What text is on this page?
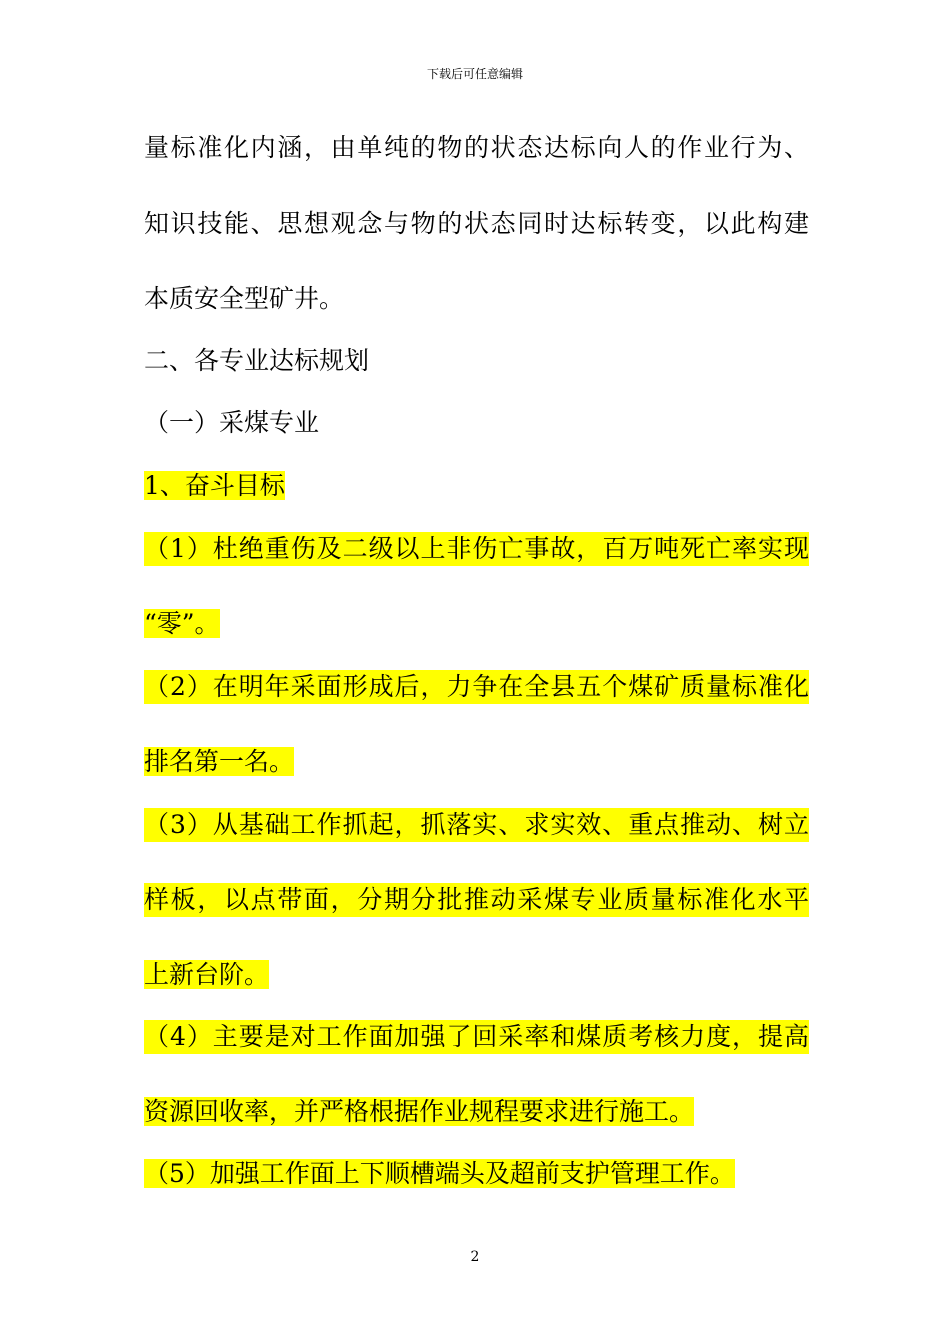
下载后可任意编辑
量标准化内涵，由单纯的物的状态达标向人的作业行为、
知识技能、思想观念与物的状态同时达标转变，以此构建
本质安全型矿井。
二、各专业达标规划
（一）采煤专业
1、奋斗目标
（1）杜绝重伤及二级以上非伤亡事故，百万吨死亡率实现
“零”。
（2）在明年采面形成后，力争在全县五个煤矿质量标准化
排名第一名。
（3）从基础工作抓起，抓落实、求实效、重点推动、树立
样板，以点带面，分期分批推动采煤专业质量标准化水平
上新台阶。
（4）主要是对工作面加强了回采率和煤质考核力度，提高
资源回收率，并严格根据作业规程要求进行施工。
（5）加强工作面上下顺槽端头及超前支护管理工作。
2
